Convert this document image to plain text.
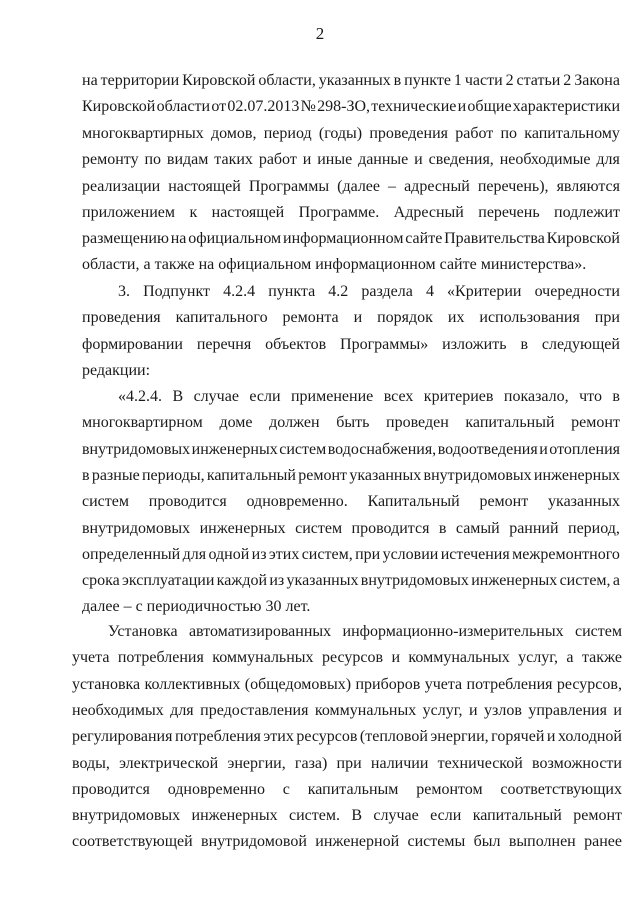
2
на территории Кировской области, указанных в пункте 1 части 2 статьи 2 Закона
Кировской области от 02.07.2013 № 298-ЗО, технические и общие характеристики
многоквартирных домов, период (годы) проведения работ по капитальному
ремонту по видам таких работ и иные данные и сведения, необходимые для
реализации настоящей Программы (далее – адресный перечень), являются
приложением к настоящей Программе. Адресный перечень подлежит
размещению на официальном информационном сайте Правительства Кировской
области, а также на официальном информационном сайте министерства».
3. Подпункт 4.2.4 пункта 4.2 раздела 4 «Критерии очередности
проведения капитального ремонта и порядок их использования при
формировании перечня объектов Программы» изложить в следующей
редакции:
«4.2.4. В случае если применение всех критериев показало, что в
многоквартирном доме должен быть проведен капитальный ремонт
внутридомовых инженерных систем водоснабжения, водоотведения и отопления
в разные периоды, капитальный ремонт указанных внутридомовых инженерных
систем проводится одновременно. Капитальный ремонт указанных
внутридомовых инженерных систем проводится в самый ранний период,
определенный для одной из этих систем, при условии истечения межремонтного
срока эксплуатации каждой из указанных внутридомовых инженерных систем, а
далее – с периодичностью 30 лет.
Установка автоматизированных информационно-измерительных систем
учета потребления коммунальных ресурсов и коммунальных услуг, а также
установка коллективных (общедомовых) приборов учета потребления ресурсов,
необходимых для предоставления коммунальных услуг, и узлов управления и
регулирования потребления этих ресурсов (тепловой энергии, горячей и холодной
воды, электрической энергии, газа) при наличии технической возможности
проводится одновременно с капитальным ремонтом соответствующих
внутридомовых инженерных систем. В случае если капитальный ремонт
соответствующей внутридомовой инженерной системы был выполнен ранее
